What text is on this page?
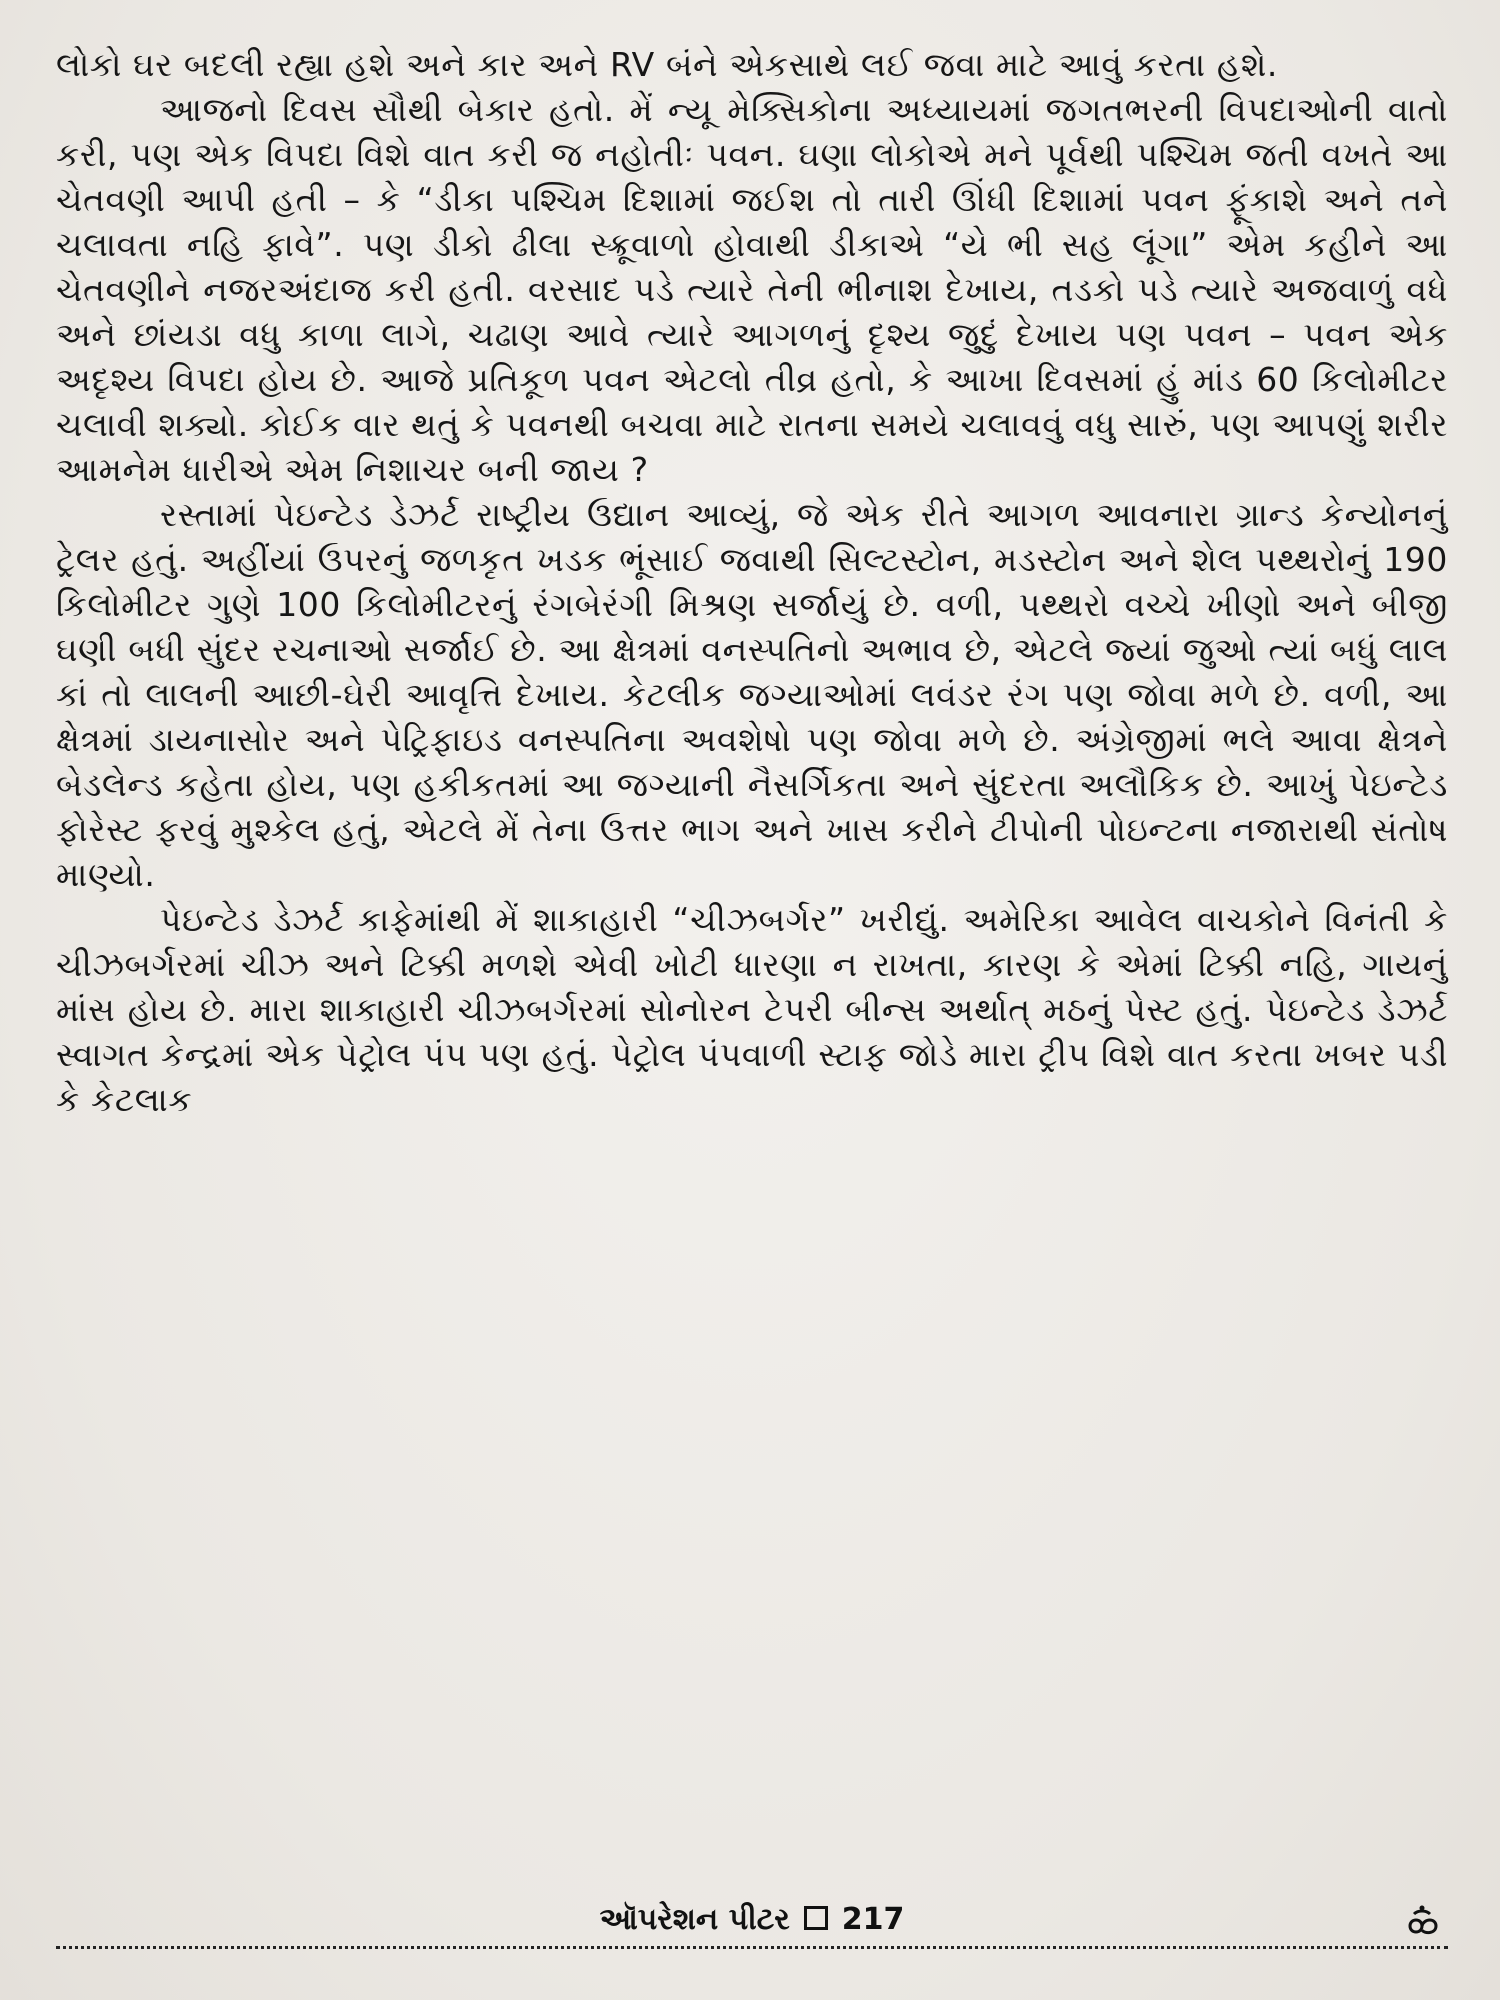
લોકો ઘર બદલી રહ્યા હશે અને કાર અને RV બંને એકસાથે લઈ જવા માટે આવું કરતા હશે.

આજનો દિવસ સૌથી બેકાર હતો. મેં ન્યૂ મેક્સિકોના અધ્યાયમાં જગતભરની વિપદાઓની વાતો કરી, પણ એક વિપદા વિશે વાત કરી જ નહોતીઃ પવન. ઘણા લોકોએ મને પૂર્વથી પશ્ચિમ જતી વખતે આ ચેતવણી આપી હતી – કે “ડીકા પશ્ચિમ દિશામાં જઈશ તો તારી ઊંધી દિશામાં પવન ફૂંકાશે અને તને ચલાવતા નહિ ફાવે”. પણ ડીકો ઢીલા સ્ક્રૂવાળો હોવાથી ડીકાએ “યે ભી સહ લૂંગા” એમ કહીને આ ચેતવણીને નજરઅંદાજ કરી હતી. વરસાદ પડે ત્યારે તેની ભીનાશ દેખાય, તડકો પડે ત્યારે અજવાળું વધે અને છાંયડા વધુ કાળા લાગે, ચઢાણ આવે ત્યારે આગળનું દૃશ્ય જુદું દેખાય પણ પવન – પવન એક અદૃશ્ય વિપદા હોય છે. આજે પ્રતિકૂળ પવન એટલો તીવ્ર હતો, કે આખા દિવસમાં હું માંડ 60 કિલોમીટર ચલાવી શક્યો. કોઈક વાર થતું કે પવનથી બચવા માટે રાતના સમયે ચલાવવું વધુ સારું, પણ આપણું શરીર આમનેમ ધારીએ એમ નિશાચર બની જાય ?

રસ્તામાં પેઇન્ટેડ ડેઝર્ટ રાષ્ટ્રીય ઉદ્યાન આવ્યું, જે એક રીતે આગળ આવનારા ગ્રાન્ડ કેન્યોનનું ટ્રેલર હતું. અહીંયાં ઉપરનું જળકૃત ખડક ભૂંસાઈ જવાથી સિલ્ટસ્ટોન, મડસ્ટોન અને શેલ પથ્થરોનું 190 કિલોમીટર ગુણે 100 કિલોમીટરનું રંગબેરંગી મિશ્રણ સર્જાયું છે. વળી, પથ્થરો વચ્ચે ખીણો અને બીજી ઘણી બધી સુંદર રચનાઓ સર્જાઈ છે. આ ક્ષેત્રમાં વનસ્પતિનો અભાવ છે, એટલે જ્યાં જુઓ ત્યાં બધું લાલ કાં તો લાલની આછી-ઘેરી આવૃત્તિ દેખાય. કેટલીક જગ્યાઓમાં લવંડર રંગ પણ જોવા મળે છે. વળી, આ ક્ષેત્રમાં ડાયનાસોર અને પેટ્રિફાઇડ વનસ્પતિના અવશેષો પણ જોવા મળે છે. અંગ્રેજીમાં ભલે આવા ક્ષેત્રને બેડલેન્ડ કહેતા હોય, પણ હકીકતમાં આ જગ્યાની નૈસર્ગિકતા અને સુંદરતા અલૌકિક છે. આખું પેઇન્ટેડ ફોરેસ્ટ ફરવું મુશ્કેલ હતું, એટલે મેં તેના ઉત્તર ભાગ અને ખાસ કરીને ટીપોની પોઇન્ટના નજારાથી સંતોષ માણ્યો.

પેઇન્ટેડ ડેઝર્ટ કાફેમાંથી મેં શાકાહારી “ચીઝબર્ગર” ખરીદ્યું. અમેરિકા આવેલ વાચકોને વિનંતી કે ચીઝબર્ગરમાં ચીઝ અને ટિક્કી મળશે એવી ખોટી ધારણા ન રાખતા, કારણ કે એમાં ટિક્કી નહિ, ગાયનું માંસ હોય છે. મારા શાકાહારી ચીઝબર્ગરમાં સોનોરન ટેપરી બીન્સ અર્થાત્ મઠનું પેસ્ટ હતું. પેઇન્ટેડ ડેઝર્ટ સ્વાગત કેન્દ્રમાં એક પેટ્રોલ પંપ પણ હતું. પેટ્રોલ પંપવાળી સ્ટાફ જોડે મારા ટ્રીપ વિશે વાત કરતા ખબર પડી કે કેટલાક

ઑપરેશન પીટર 217
